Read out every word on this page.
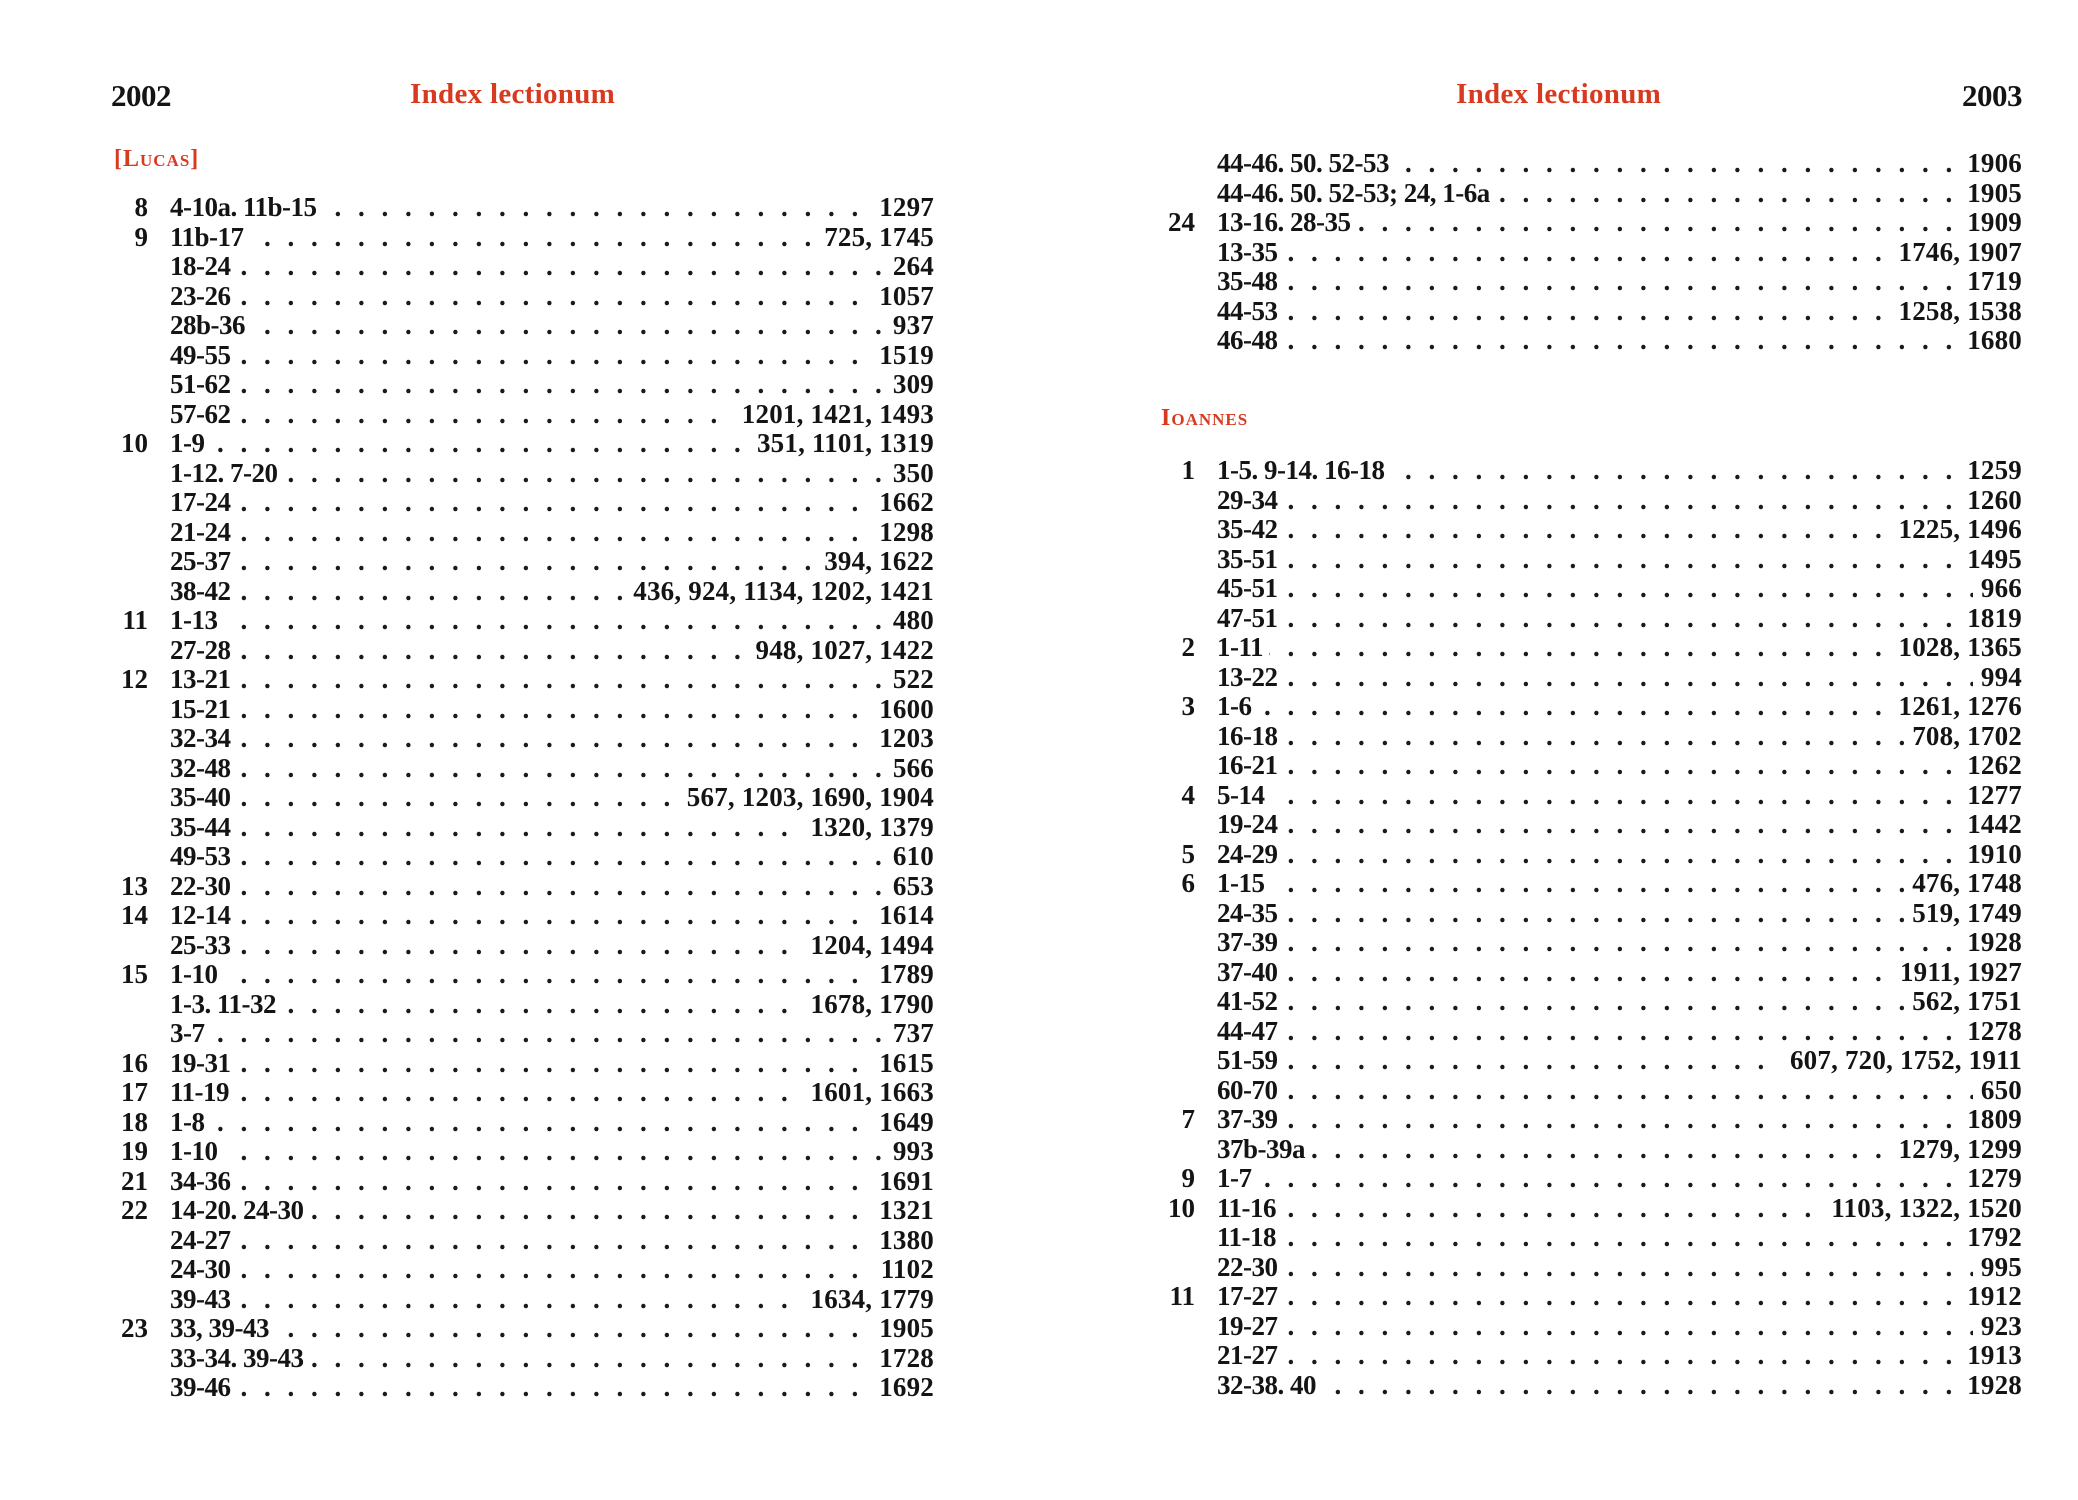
2002	Index lectionum
[Lucas]
8 . . . 4-10a. 11b-15	1297
9 . . . 11b-17	725, 1745
. . .
18-24	264
. . .
23-26	1057
. . .
28b-36	937
. . .
49-55	1519
. . .
51-62	309
. . .
57-62	1201, 1421, 1493
10 . . . 1-9	351, 1101, 1319
. . .
1-12. 7-20	350
. . .
17-24	1662
. . .
21-24	1298
. . .
25-37	394, 1622
. . .
38-42	436, 924, 1134, 1202, 1421
11 . . . 1-13	480
. . .
27-28	948, 1027, 1422
12 . . . 13-21	522
. . .
15-21	1600
. . .
32-34	1203
. . .
32-48	566
. . .
35-40	567, 1203, 1690, 1904
. . .
35-44	1320, 1379
. . .
49-53	610
13 . . . 22-30	653
14 . . . 12-14	1614
. . .
25-33	1204, 1494
15 . . . 1-10	1789
. . .
1-3. 11-32	1678, 1790
. . .
3-7	737
16 . . . 19-31	1615
17 . . . 11-19	1601, 1663
18 . . . 1-8	1649
19 . . . 1-10	993
21 . . . 34-36	1691
22 . . . 14-20. 24-30	1321
. . .
24-27	1380
. . .
24-30	1102
. . .
39-43	1634, 1779
23 . . . 33, 39-43	1905
. . .
33-34. 39-43	1728
. . .
39-46	1692
Index lectionum	2003
. . .
44-46. 50. 52-53	1906
. . .
44-46. 50. 52-53; 24, 1-6a	1905
24 . . . 13-16. 28-35	1909
. . .
13-35	1746, 1907
. . .
35-48	1719
. . .
44-53	1258, 1538
. . .
46-48	1680
Ioannes
1 . . . 1-5. 9-14. 16-18	1259
. . .
29-34	1260
. . .
35-42	1225, 1496
. . .
35-51	1495
. . .
45-51	966
. . .
47-51	1819
2 . . . 1-11	1028, 1365
. . .
13-22	994
3 . . . 1-6	1261, 1276
. . .
16-18	708, 1702
. . .
16-21	1262
4 . . . 5-14	1277
. . .
19-24	1442
5 . . . 24-29	1910
6 . . . 1-15	476, 1748
. . .
24-35	519, 1749
. . .
37-39	1928
. . .
37-40	1911, 1927
. . .
41-52	562, 1751
. . .
44-47	1278
. . .
51-59	607, 720, 1752, 1911
. . .
60-70	650
7 . . . 37-39	1809
. . .
37b-39a	1279, 1299
9 . . . 1-7	1279
10 . . . 11-16	1103, 1322, 1520
. . .
11-18	1792
. . .
22-30	995
11 . . . 17-27	1912
. . .
19-27	923
. . .
21-27	1913
. . .
32-38. 40	1928
